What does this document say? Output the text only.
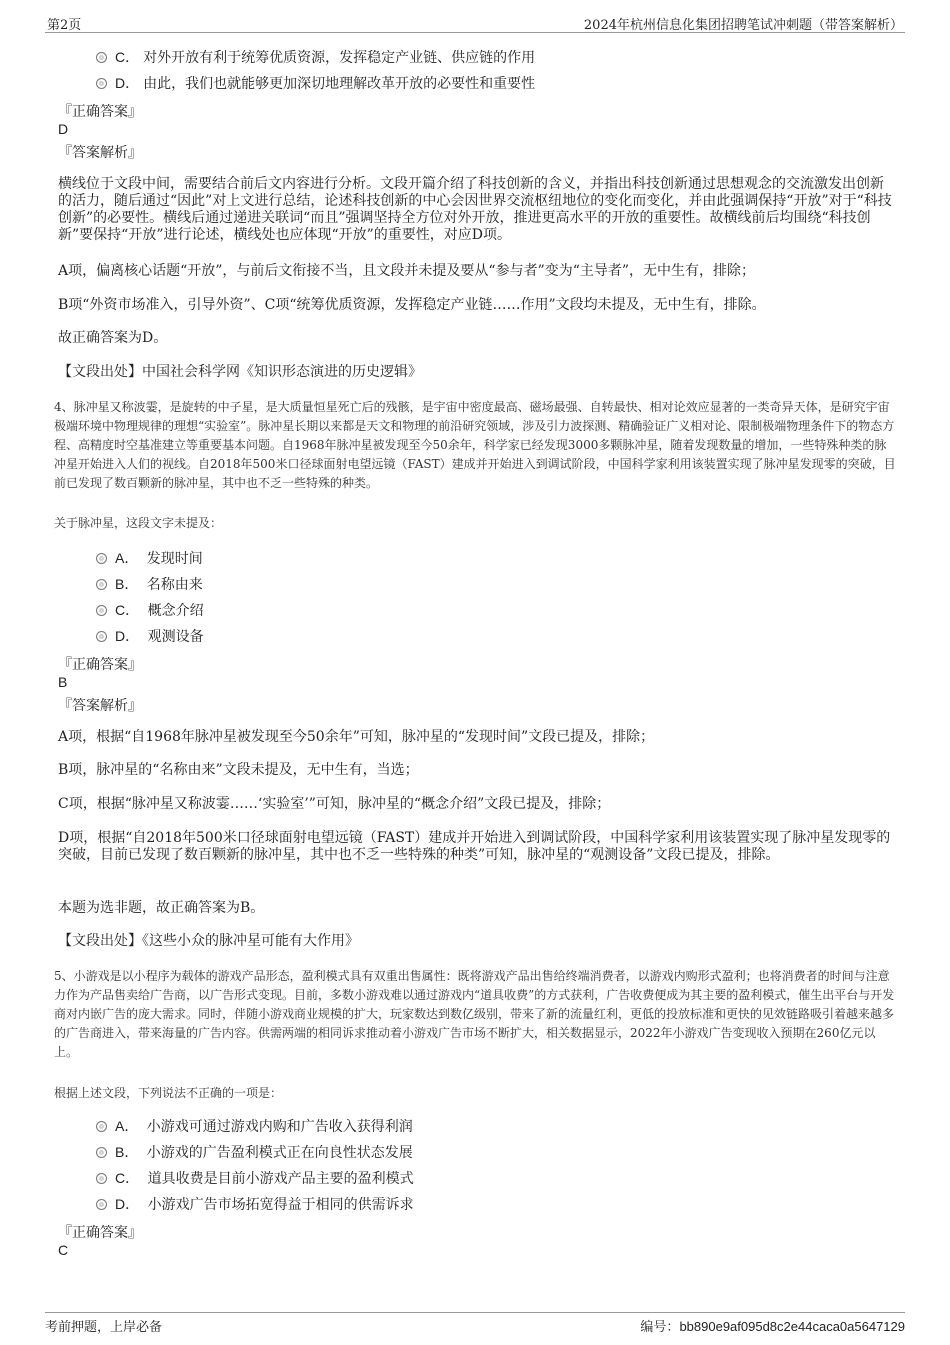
第2页	2024年杭州信息化集团招聘笔试冲刺题（带答案解析）
C． 对外开放有利于统筹优质资源，发挥稳定产业链、供应链的作用
D． 由此，我们也就能够更加深切地理解改革开放的必要性和重要性
『正确答案』
D
『答案解析』
横线位于文段中间，需要结合前后文内容进行分析。文段开篇介绍了科技创新的含义，并指出科技创新通过思想观念的交流激发出创新的活力，随后通过“因此”对上文进行总结，论述科技创新的中心会因世界交流枢纽地位的变化而变化，并由此强调保持“开放”对于“科技创新”的必要性。横线后通过递进关联词“而且”强调坚持全方位对外开放，推进更高水平的开放的重要性。故横线前后均围绕“科技创新”要保持“开放”进行论述，横线处也应体现“开放”的重要性，对应D项。
A项，偏离核心话题“开放”，与前后文衔接不当，且文段并未提及要从“参与者”变为“主导者”，无中生有，排除；
B项“外资市场准入，引导外资”、C项“统筹优质资源，发挥稳定产业链……作用”文段均未提及，无中生有，排除。
故正确答案为D。
【文段出处】中国社会科学网《知识形态演进的历史逻辑》
4、脉冲星又称波霎，是旋转的中子星，是大质量恒星死亡后的残骸，是宇宙中密度最高、磁场最强、自转最快、相对论效应显著的一类奇异天体，是研究宇宙极端环境中物理规律的理想“实验室”。脉冲星长期以来都是天文和物理的前沿研究领域，涉及引力波探测、精确验证广义相对论、限制极端物理条件下的物态方程、高精度时空基准建立等重要基本问题。自1968年脉冲星被发现至今50余年，科学家已经发现3000多颗脉冲星，随着发现数量的增加，一些特殊种类的脉冲星开始进入人们的视线。自2018年500米口径球面射电望远镜（FAST）建成并开始进入到调试阶段，中国科学家利用该装置实现了脉冲星发现零的突破，目前已发现了数百颗新的脉冲星，其中也不乏一些特殊的种类。
关于脉冲星，这段文字未提及：
A． 发现时间
B． 名称由来
C． 概念介绍
D． 观测设备
『正确答案』
B
『答案解析』
A项，根据“自1968年脉冲星被发现至今50余年”可知，脉冲星的“发现时间”文段已提及，排除；
B项，脉冲星的“名称由来”文段未提及，无中生有，当选；
C项，根据“脉冲星又称波霎……‘实验室’”可知，脉冲星的“概念介绍”文段已提及，排除；
D项，根据“自2018年500米口径球面射电望远镜（FAST）建成并开始进入到调试阶段，中国科学家利用该装置实现了脉冲星发现零的突破，目前已发现了数百颗新的脉冲星，其中也不乏一些特殊的种类”可知，脉冲星的“观测设备”文段已提及，排除。
本题为选非题，故正确答案为B。
【文段出处】《这些小众的脉冲星可能有大作用》
5、小游戏是以小程序为载体的游戏产品形态，盈利模式具有双重出售属性：既将游戏产品出售给终端消费者，以游戏内购形式盈利；也将消费者的时间与注意力作为产品售卖给广告商，以广告形式变现。目前，多数小游戏难以通过游戏内“道具收费”的方式获利，广告收费便成为其主要的盈利模式，催生出平台与开发商对内嵌广告的庞大需求。同时，伴随小游戏商业规模的扩大，玩家数达到数亿级别，带来了新的流量红利，更低的投放标准和更快的见效链路吸引着越来越多的广告商进入，带来海量的广告内容。供需两端的相同诉求推动着小游戏广告市场不断扩大，相关数据显示，2022年小游戏广告变现收入预期在260亿元以上。
根据上述文段，下列说法不正确的一项是：
A． 小游戏可通过游戏内购和广告收入获得利润
B． 小游戏的广告盈利模式正在向良性状态发展
C． 道具收费是目前小游戏产品主要的盈利模式
D． 小游戏广告市场拓宽得益于相同的供需诉求
『正确答案』
C
考前押题，上岸必备	编号：bb890e9af095d8c2e44caca0a5647129
